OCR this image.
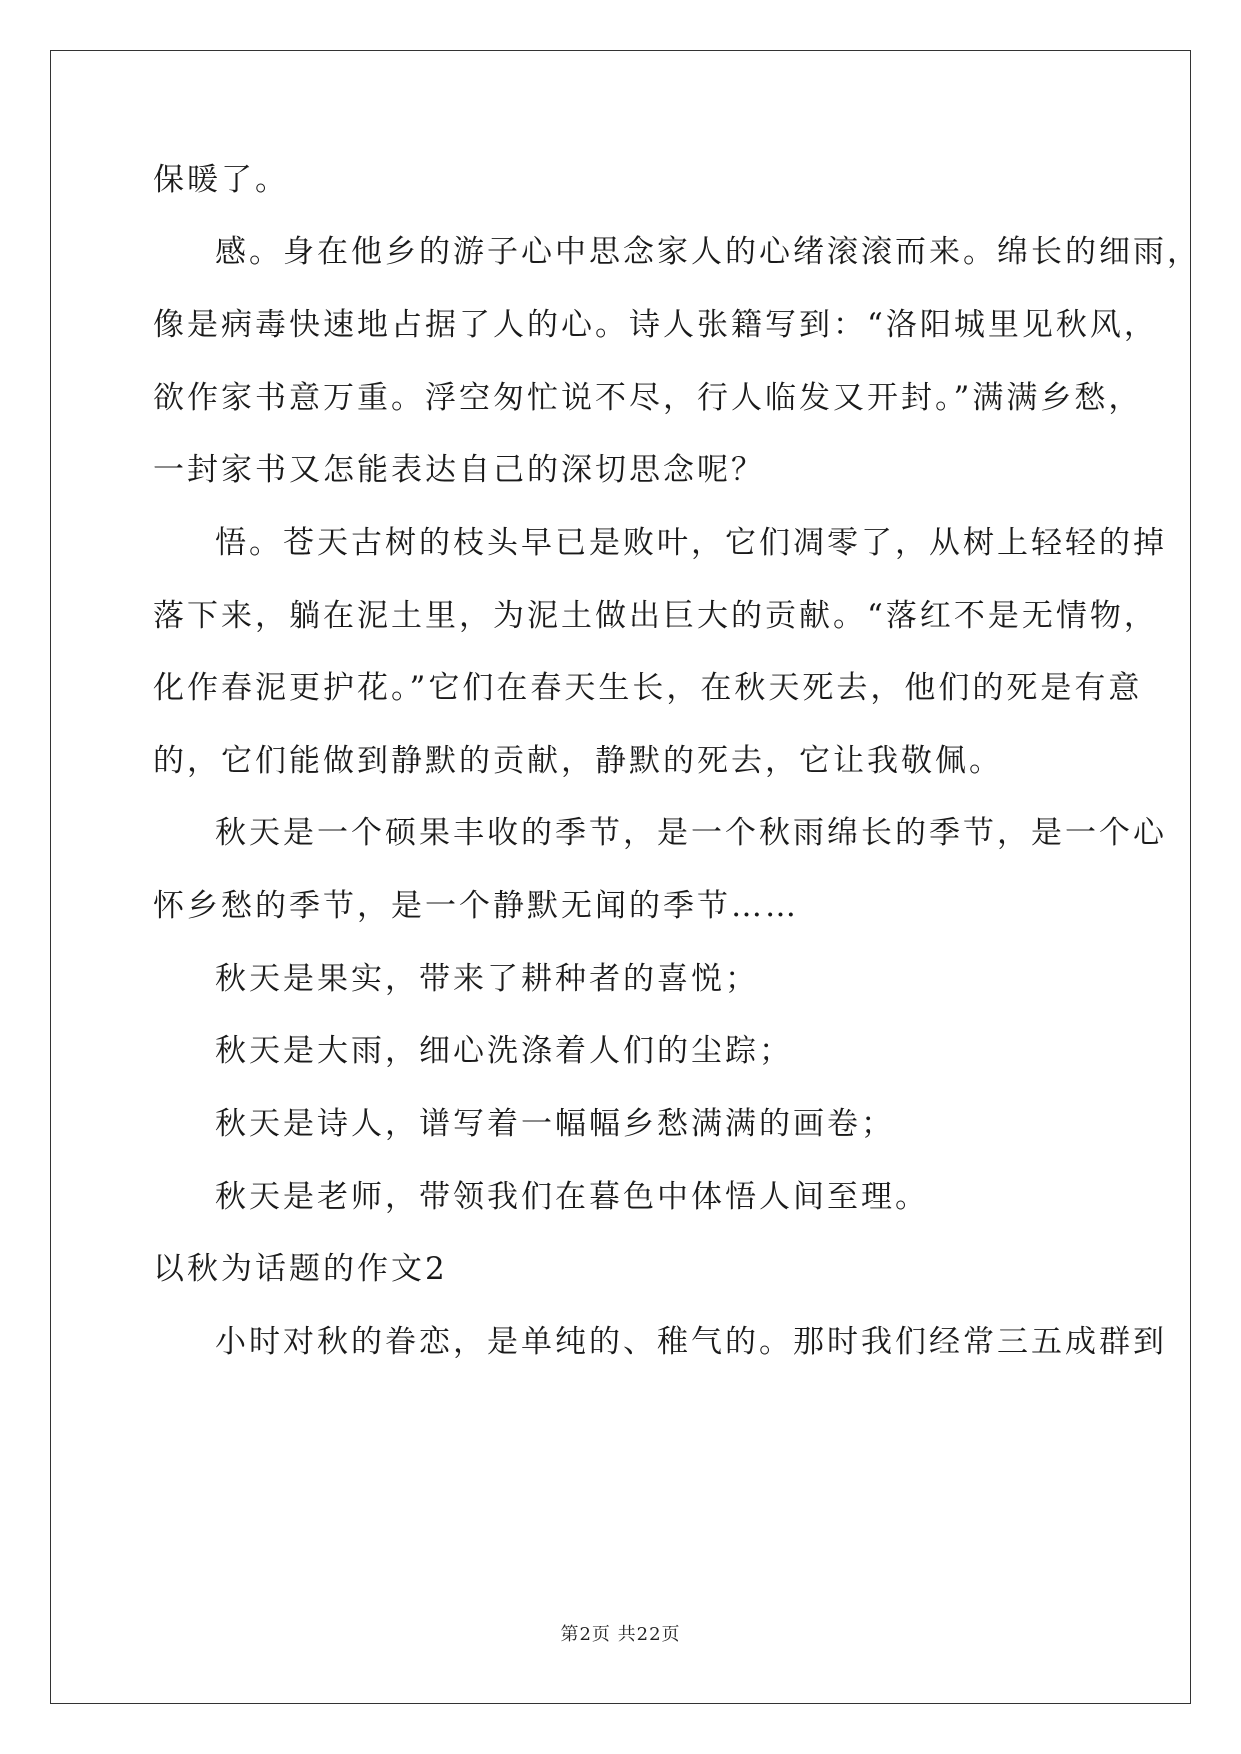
保暖了。
感。身在他乡的游子心中思念家人的心绪滚滚而来。绵长的细雨，
像是病毒快速地占据了人的心。诗人张籍写到：“洛阳城里见秋风，
欲作家书意万重。浮空匆忙说不尽，行人临发又开封。”满满乡愁，
一封家书又怎能表达自己的深切思念呢？
悟。苍天古树的枝头早已是败叶，它们凋零了，从树上轻轻的掉
落下来，躺在泥土里，为泥土做出巨大的贡献。“落红不是无情物，
化作春泥更护花。”它们在春天生长，在秋天死去，他们的死是有意
的，它们能做到静默的贡献，静默的死去，它让我敬佩。
秋天是一个硕果丰收的季节，是一个秋雨绵长的季节，是一个心
怀乡愁的季节，是一个静默无闻的季节……
秋天是果实，带来了耕种者的喜悦；
秋天是大雨，细心洗涤着人们的尘踪；
秋天是诗人，谱写着一幅幅乡愁满满的画卷；
秋天是老师，带领我们在暮色中体悟人间至理。
以秋为话题的作文2
小时对秋的眷恋，是单纯的、稚气的。那时我们经常三五成群到
第2页 共22页
